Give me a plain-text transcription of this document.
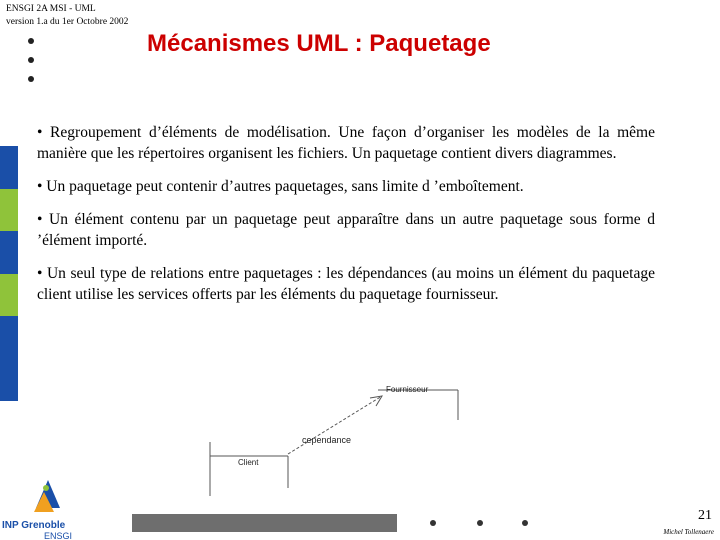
ENSGI 2A MSI - UML
version 1.a du 1er Octobre 2002
Mécanismes UML : Paquetage

• Regroupement d’éléments de modélisation. Une façon d’organiser les modèles de la même manière que les répertoires organisent les fichiers. Un paquetage contient divers diagrammes.

• Un paquetage peut contenir d’autres paquetages, sans limite d ’emboîtement.

• Un élément contenu par un paquetage peut apparaître dans un autre paquetage sous forme d ’élément importé.

• Un seul type de relations entre paquetages : les dépendances (au moins un élément du paquetage client utilise les services offerts par les éléments du paquetage fournisseur.

Fournisseur
cependance
Client
INP Grenoble
ENSGI
21
Michel Tollenaere
